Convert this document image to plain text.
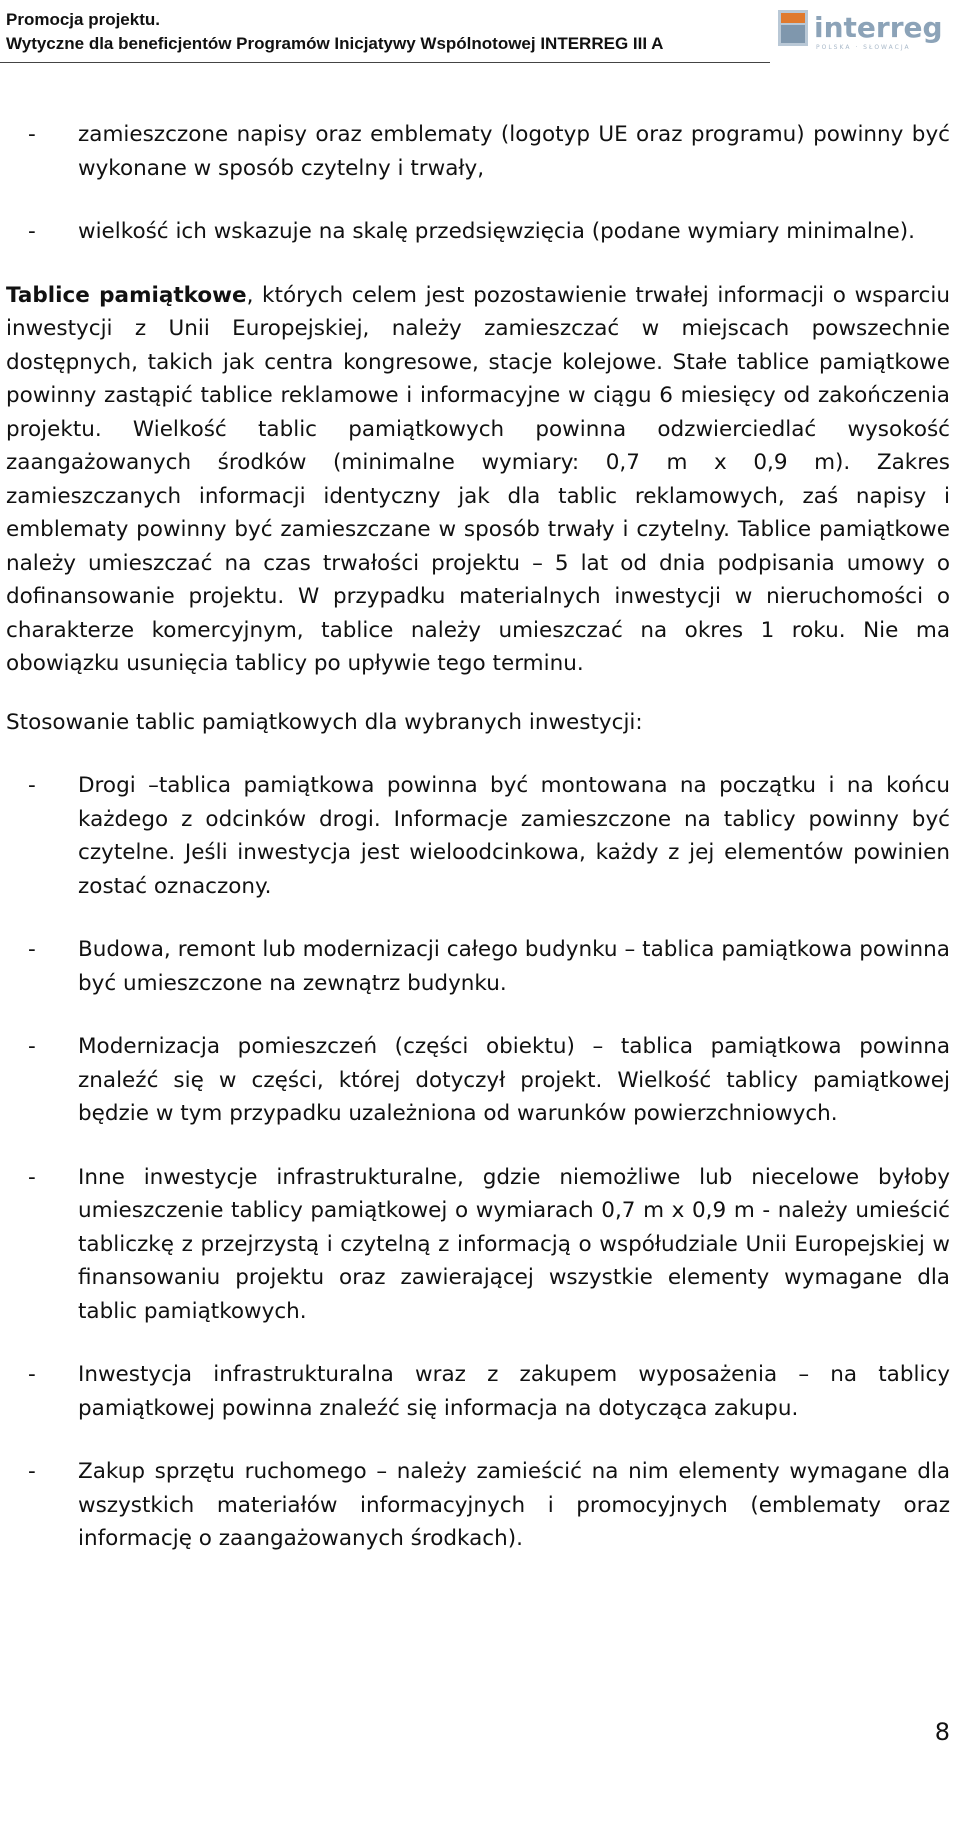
Promocja projektu.
Wytyczne dla beneficjentów Programów Inicjatywy Wspólnotowej INTERREG III A	interreg
POLSKA · SŁOWACJA
- zamieszczone napisy oraz emblematy (logotyp UE oraz programu) powinny być wykonane w sposób czytelny i trwały,
- wielkość ich wskazuje na skalę przedsięwzięcia (podane wymiary minimalne).

Tablice pamiątkowe, których celem jest pozostawienie trwałej informacji o wsparciu inwestycji z Unii Europejskiej, należy zamieszczać w miejscach powszechnie dostępnych, takich jak centra kongresowe, stacje kolejowe. Stałe tablice pamiątkowe powinny zastąpić tablice reklamowe i informacyjne w ciągu 6 miesięcy od zakończenia projektu. Wielkość tablic pamiątkowych powinna odzwierciedlać wysokość zaangażowanych środków (minimalne wymiary: 0,7 m x 0,9 m). Zakres zamieszczanych informacji identyczny jak dla tablic reklamowych, zaś napisy i emblematy powinny być zamieszczane w sposób trwały i czytelny. Tablice pamiątkowe należy umieszczać na czas trwałości projektu – 5 lat od dnia podpisania umowy o dofinansowanie projektu. W przypadku materialnych inwestycji w nieruchomości o charakterze komercyjnym, tablice należy umieszczać na okres 1 roku. Nie ma obowiązku usunięcia tablicy po upływie tego terminu.

Stosowanie tablic pamiątkowych dla wybranych inwestycji:

- Drogi –tablica pamiątkowa powinna być montowana na początku i na końcu każdego z odcinków drogi. Informacje zamieszczone na tablicy powinny być czytelne. Jeśli inwestycja jest wieloodcinkowa, każdy z jej elementów powinien zostać oznaczony.
- Budowa, remont lub modernizacji całego budynku – tablica pamiątkowa powinna być umieszczone na zewnątrz budynku.
- Modernizacja pomieszczeń (części obiektu) – tablica pamiątkowa powinna znaleźć się w części, której dotyczył projekt. Wielkość tablicy pamiątkowej będzie w tym przypadku uzależniona od warunków powierzchniowych.
- Inne inwestycje infrastrukturalne, gdzie niemożliwe lub niecelowe byłoby umieszczenie tablicy pamiątkowej o wymiarach 0,7 m x 0,9 m - należy umieścić tabliczkę z przejrzystą i czytelną z informacją o współudziale Unii Europejskiej w finansowaniu projektu oraz zawierającej wszystkie elementy wymagane dla tablic pamiątkowych.
- Inwestycja infrastrukturalna wraz z zakupem wyposażenia – na tablicy pamiątkowej powinna znaleźć się informacja na dotycząca zakupu.
- Zakup sprzętu ruchomego – należy zamieścić na nim elementy wymagane dla wszystkich materiałów informacyjnych i promocyjnych (emblematy oraz informację o zaangażowanych środkach).
8
